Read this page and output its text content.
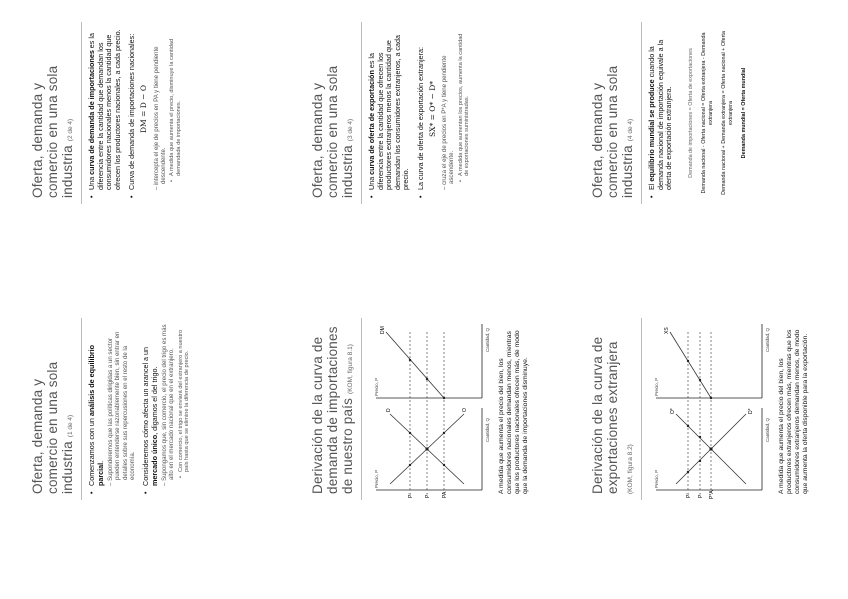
Oferta, demanda y comercio en una sola industria (1 de 4)	• Comenzamos con un análisis de equilibrio parcial. – Suponderemos que las políticas dirigidas a un sector pueden entenderse razonablemente bien, sin entrar en detalles sobre sus repercusiones en el resto de la economía. • Consideremos cómo afecta un arancel a un mercado único, digamos el del trigo. – Supongamos que, sin comercio, el precio del trigo es más alto en el mercado nacional que en el extranjero. • Con comercio, el trigo se enviará del extranjero a nuestro país hasta que se elimine la diferencia de precio.
Oferta, demanda y comercio en una sola industria (2 de 4)
• Una curva de demanda de importaciones es la diferencia entre la cantidad que demandan los consumidores nacionales menos la cantidad que ofrecen los productores nacionales, a cada precio. • Curva de demanda de importaciones nacionales: DM = D − O – intercepta el eje de precios en PA y tiene pendiente descendente. • A medida que aumenta el precio, disminuye la cantidad demandada de importaciones.
Derivación de la curva de demanda de importaciones de nuestro país (KOM, figura 8.1)
P² P¹ PA
O
D
Precio, P
Cantidad, Q
DM
Precio, P
Cantidad, Q
A medida que aumenta el precio del bien, los consumidores nacionales demandan menos, mientras que los productores nacionales ofrecen más, de modo que la demanda de importaciones disminuye.
Oferta, demanda y comercio en una sola industria (3 de 4)
• Una curva de oferta de exportación es la diferencia entre la cantidad que ofrecen los productores extranjeros menos la cantidad que demandan los consumidores extranjeros, a cada precio. • La curva de oferta de exportación extranjera: SX* = O* − D* – cruza el eje de precios en P*A y tiene pendiente ascendente. • A medida que aumentan los precios, aumenta la cantidad de exportaciones suministradas.
Derivación de la curva de exportaciones extranjera (KOM, figura 8.2)
P² P¹ P*A
O*	D*
Precio, P
Cantidad, Q
XS
Precio, P
Cantidad, Q
A medida que aumenta el precio del bien, los productores extranjeros ofrecen más, mientras que los consumidores extranjeros demandan menos, de modo que aumenta la oferta disponible para la exportación.
Oferta, demanda y comercio en una sola industria (4 de 4)
• El equilibrio mundial se produce cuando la demanda nacional de importación equivale a la oferta de exportación extranjera.	Demanda de importaciones = Oferta de exportaciones Demanda nacional - Oferta nacional = Oferta extranjera - Demanda extranjera Demanda nacional + Demanda extranjera = Oferta nacional + Oferta extranjera Demanda mundial = Oferta mundial
